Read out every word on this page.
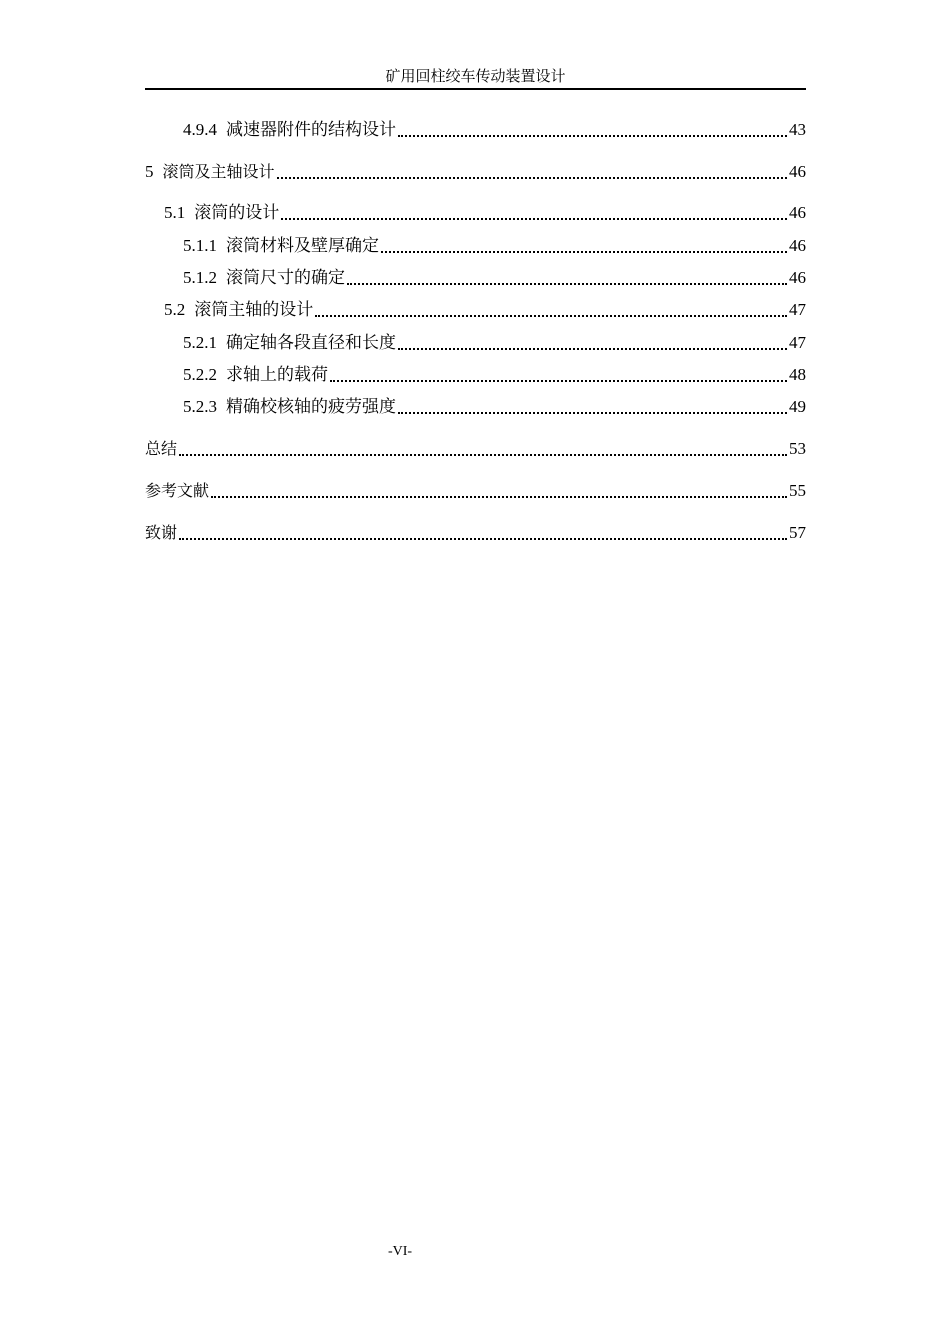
矿用回柱绞车传动装置设计
4.9.4 减速器附件的结构设计	43
5 滚筒及主轴设计	46
5.1 滚筒的设计	46
5.1.1 滚筒材料及壁厚确定	46
5.1.2 滚筒尺寸的确定	46
5.2 滚筒主轴的设计	47
5.2.1 确定轴各段直径和长度	47
5.2.2 求轴上的载荷	48
5.2.3 精确校核轴的疲劳强度	49
总结	53
参考文献	55
致谢	57
-VI-
